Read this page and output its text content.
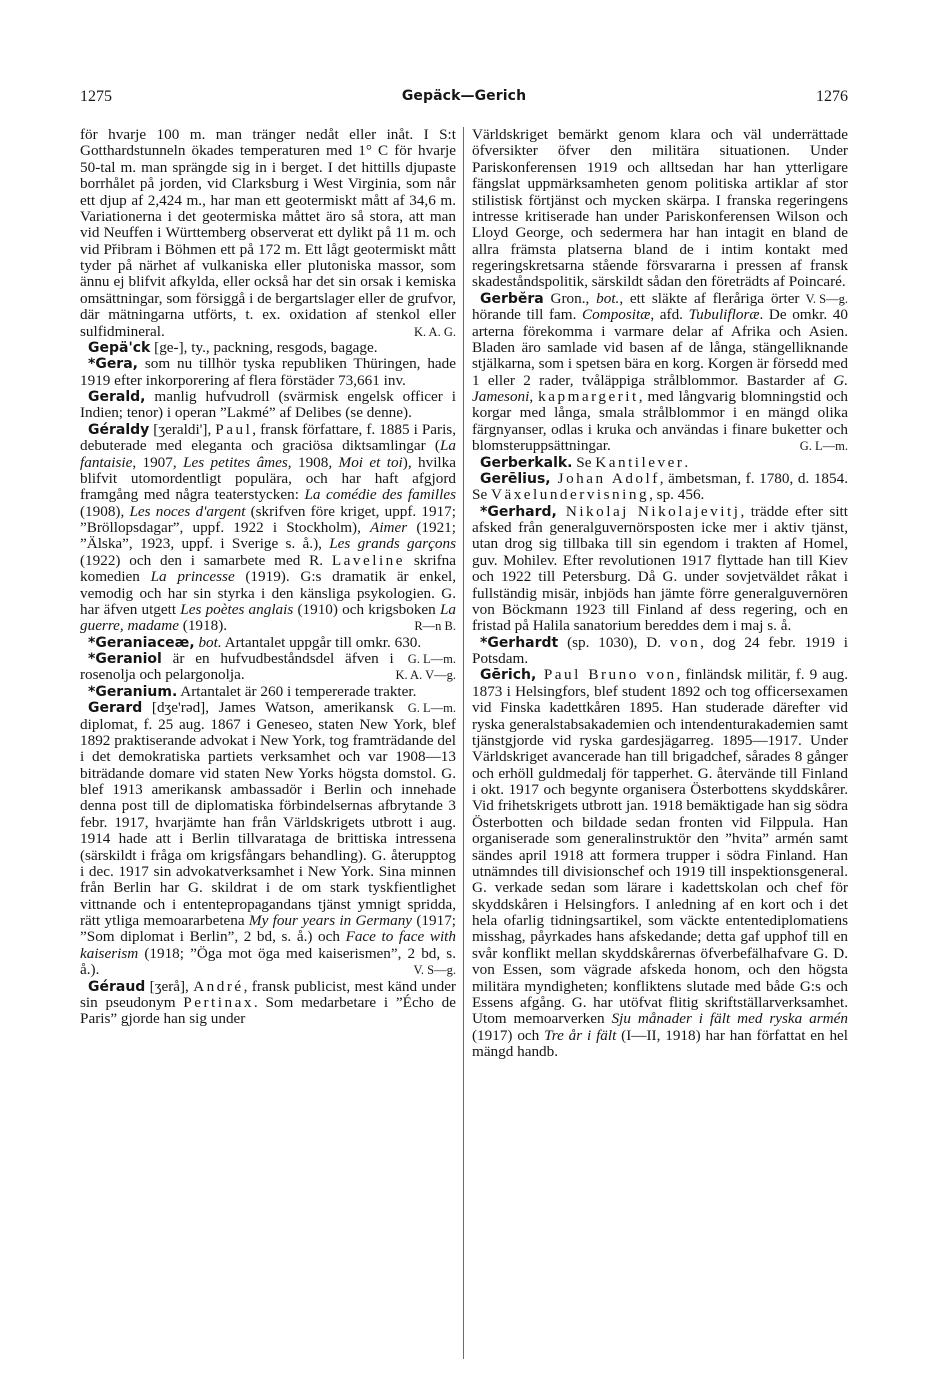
1275	Gepäck—Gerich	1276

för hvarje 100 m. man tränger nedåt eller inåt. I S:t Gotthardstunneln ökades temperaturen med 1° C för hvarje 50-tal m. man sprängde sig in i berget. I det hittills djupaste borrhålet på jorden, vid Clarksburg i West Virginia, som når ett djup af 2,424 m., har man ett geotermiskt mått af 34,6 m. Variationerna i det geotermiska måttet äro så stora, att man vid Neuffen i Württemberg observerat ett dylikt på 11 m. och vid Přibram i Böhmen ett på 172 m. Ett lågt geotermiskt mått tyder på närhet af vulkaniska eller plutoniska massor, som ännu ej blifvit afkylda, eller också har det sin orsak i kemiska omsättningar, som försiggå i de bergartslager eller de grufvor, där mätningarna utförts, t. ex. oxidation af stenkol eller sulfidmineral.	K. A. G.

Gepä'ck [ge-], ty., packning, resgods, bagage.

*Gera, som nu tillhör tyska republiken Thüringen, hade 1919 efter inkorporering af flera förstäder 73,661 inv.

Gerald, manlig hufvudroll (svärmisk engelsk officer i Indien; tenor) i operan ”Lakmé” af Delibes (se denne).

Géraldy [ʒeraldi'], Paul, fransk författare, f. 1885 i Paris, debuterade med eleganta och graciösa diktsamlingar (La fantaisie, 1907, Les petites âmes, 1908, Moi et toi), hvilka blifvit utomordentligt populära, och har haft afgjord framgång med några teaterstycken: La comédie des familles (1908), Les noces d'argent (skrifven före kriget, uppf. 1917; ”Bröllopsdagar”, uppf. 1922 i Stockholm), Aimer (1921; ”Älska”, 1923, uppf. i Sverige s. å.), Les grands garçons (1922) och den i samarbete med R. Laveline skrifna komedien La princesse (1919). G:s dramatik är enkel, vemodig och har sin styrka i den känsliga psykologien. G. har äfven utgett Les poètes anglais (1910) och krigsboken La guerre, madame (1918).	R—n B.

*Geraniaceæ, bot. Artantalet uppgår till omkr. 630.
G. L—m.

*Geraniol är en hufvudbeståndsdel äfven i rosenolja och pelargonolja.	K. A. V—g.

*Geranium. Artantalet är 260 i tempererade trakter.
G. L—m.

Gerard [dʒe'rəd], James Watson, amerikansk diplomat, f. 25 aug. 1867 i Geneseo, staten New York, blef 1892 praktiserande advokat i New York, tog framträdande del i det demokratiska partiets verksamhet och var 1908—13 biträdande domare vid staten New Yorks högsta domstol. G. blef 1913 amerikansk ambassadör i Berlin och innehade denna post till de diplomatiska förbindelsernas afbrytande 3 febr. 1917, hvarjämte han från Världskrigets utbrott i aug. 1914 hade att i Berlin tillvarataga de brittiska intressena (särskildt i fråga om krigsfångars behandling). G. återupptog i dec. 1917 sin advokatverksamhet i New York. Sina minnen från Berlin har G. skildrat i de om stark tyskfientlighet vittnande och i ententepropagandans tjänst ymnigt spridda, rätt ytliga memoararbetena My four years in Germany (1917; ”Som diplomat i Berlin”, 2 bd, s. å.) och Face to face with kaiserism (1918; ”Öga mot öga med kaiserismen”, 2 bd, s. å.).	V. S—g.

Géraud [ʒerå], André, fransk publicist, mest känd under sin pseudonym Pertinax. Som medarbetare i ”Écho de Paris” gjorde han sig under

Världskriget bemärkt genom klara och väl underrättade öfversikter öfver den militära situationen. Under Pariskonferensen 1919 och alltsedan har han ytterligare fängslat uppmärksamheten genom politiska artiklar af stor stilistisk förtjänst och mycken skärpa. I franska regeringens intresse kritiserade han under Pariskonferensen Wilson och Lloyd George, och sedermera har han intagit en bland de allra främsta platserna bland de i intim kontakt med regeringskretsarna stående försvararna i pressen af fransk skadeståndspolitik, särskildt sådan den företrädts af Poincaré.
V. S—g.

Gerbĕra Gron., bot., ett släkte af fleråriga örter hörande till fam. Compositæ, afd. Tubulifloræ. De omkr. 40 arterna förekomma i varmare delar af Afrika och Asien. Bladen äro samlade vid basen af de långa, stängelliknande stjälkarna, som i spetsen bära en korg. Korgen är försedd med 1 eller 2 rader, tvåläppiga strålblommor. Bastarder af G. Jamesoni, kapmargerit, med långvarig blomningstid och korgar med långa, smala strålblommor i en mängd olika färgnyanser, odlas i kruka och användas i finare buketter och blomsteruppsättningar.	G. L—m.

Gerberkalk. Se Kantilever.

Gerēlius, Johan Adolf, ämbetsman, f. 1780, d. 1854. Se Växelundervisning, sp. 456.

*Gerhard, Nikolaj Nikolajevitj, trädde efter sitt afsked från generalguvernörsposten icke mer i aktiv tjänst, utan drog sig tillbaka till sin egendom i trakten af Homel, guv. Mohilev. Efter revolutionen 1917 flyttade han till Kiev och 1922 till Petersburg. Då G. under sovjetväldet råkat i fullständig misär, inbjöds han jämte förre generalguvernören von Böckmann 1923 till Finland af dess regering, och en fristad på Halila sanatorium bereddes dem i maj s. å.

*Gerhardt (sp. 1030), D. von, dog 24 febr. 1919 i Potsdam.

Gērich, Paul Bruno von, finländsk militär, f. 9 aug. 1873 i Helsingfors, blef student 1892 och tog officersexamen vid Finska kadettkåren 1895. Han studerade därefter vid ryska generalstabsakademien och intendenturakademien samt tjänstgjorde vid ryska gardesjägarreg. 1895—1917. Under Världskriget avancerade han till brigadchef, sårades 8 gånger och erhöll guldmedalj för tapperhet. G. återvände till Finland i okt. 1917 och begynte organisera Österbottens skyddskårer. Vid frihetskrigets utbrott jan. 1918 bemäktigade han sig södra Österbotten och bildade sedan fronten vid Filppula. Han organiserade som generalinstruktör den ”hvita” armén samt sändes april 1918 att formera trupper i södra Finland. Han utnämndes till divisionschef och 1919 till inspektionsgeneral. G. verkade sedan som lärare i kadettskolan och chef för skyddskåren i Helsingfors. I anledning af en kort och i det hela ofarlig tidningsartikel, som väckte ententediplomatiens misshag, påyrkades hans afskedande; detta gaf upphof till en svår konflikt mellan skyddskårernas öfverbefälhafvare G. D. von Essen, som vägrade afskeda honom, och den högsta militära myndigheten; konfliktens slutade med både G:s och Essens afgång. G. har utöfvat flitig skriftställarverksamhet. Utom memoarverken Sju månader i fält med ryska armén (1917) och Tre år i fält (I—II, 1918) har han författat en hel mängd handb.
